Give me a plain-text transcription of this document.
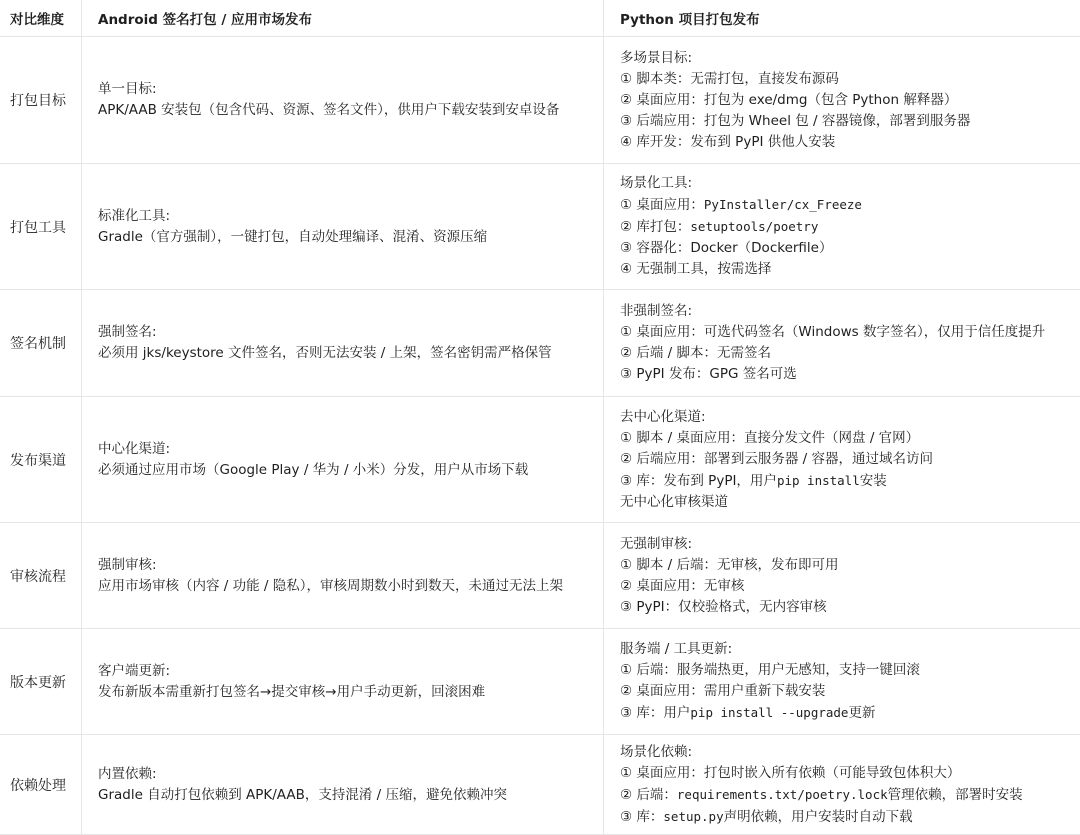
对比维度	Android 签名打包 / 应用市场发布	Python 项目打包发布
打包目标
单一目标:
APK/AAB 安装包（包含代码、资源、签名文件），供用户下载安装到安卓设备
多场景目标:
① 脚本类：无需打包，直接发布源码
② 桌面应用：打包为 exe/dmg（包含 Python 解释器）
③ 后端应用：打包为 Wheel 包 / 容器镜像，部署到服务器
④ 库开发：发布到 PyPI 供他人安装
打包工具
标准化工具:
Gradle（官方强制），一键打包，自动处理编译、混淆、资源压缩
场景化工具:
① 桌面应用：PyInstaller/cx_Freeze
② 库打包：setuptools/poetry
③ 容器化：Docker（Dockerfile）
④ 无强制工具，按需选择
签名机制
强制签名:
必须用 jks/keystore 文件签名，否则无法安装 / 上架，签名密钥需严格保管
非强制签名:
① 桌面应用：可选代码签名（Windows 数字签名），仅用于信任度提升
② 后端 / 脚本：无需签名
③ PyPI 发布：GPG 签名可选
发布渠道
中心化渠道:
必须通过应用市场（Google Play / 华为 / 小米）分发，用户从市场下载
去中心化渠道:
① 脚本 / 桌面应用：直接分发文件（网盘 / 官网）
② 后端应用：部署到云服务器 / 容器，通过域名访问
③ 库：发布到 PyPI，用户pip install安装
无中心化审核渠道
审核流程
强制审核:
应用市场审核（内容 / 功能 / 隐私），审核周期数小时到数天，未通过无法上架
无强制审核:
① 脚本 / 后端：无审核，发布即可用
② 桌面应用：无审核
③ PyPI：仅校验格式，无内容审核
版本更新
客户端更新:
发布新版本需重新打包签名→提交审核→用户手动更新，回滚困难
服务端 / 工具更新:
① 后端：服务端热更，用户无感知，支持一键回滚
② 桌面应用：需用户重新下载安装
③ 库：用户pip install --upgrade更新
依赖处理
内置依赖:
Gradle 自动打包依赖到 APK/AAB，支持混淆 / 压缩，避免依赖冲突
场景化依赖:
① 桌面应用：打包时嵌入所有依赖（可能导致包体积大）
② 后端：requirements.txt/poetry.lock管理依赖，部署时安装
③ 库：setup.py声明依赖，用户安装时自动下载
